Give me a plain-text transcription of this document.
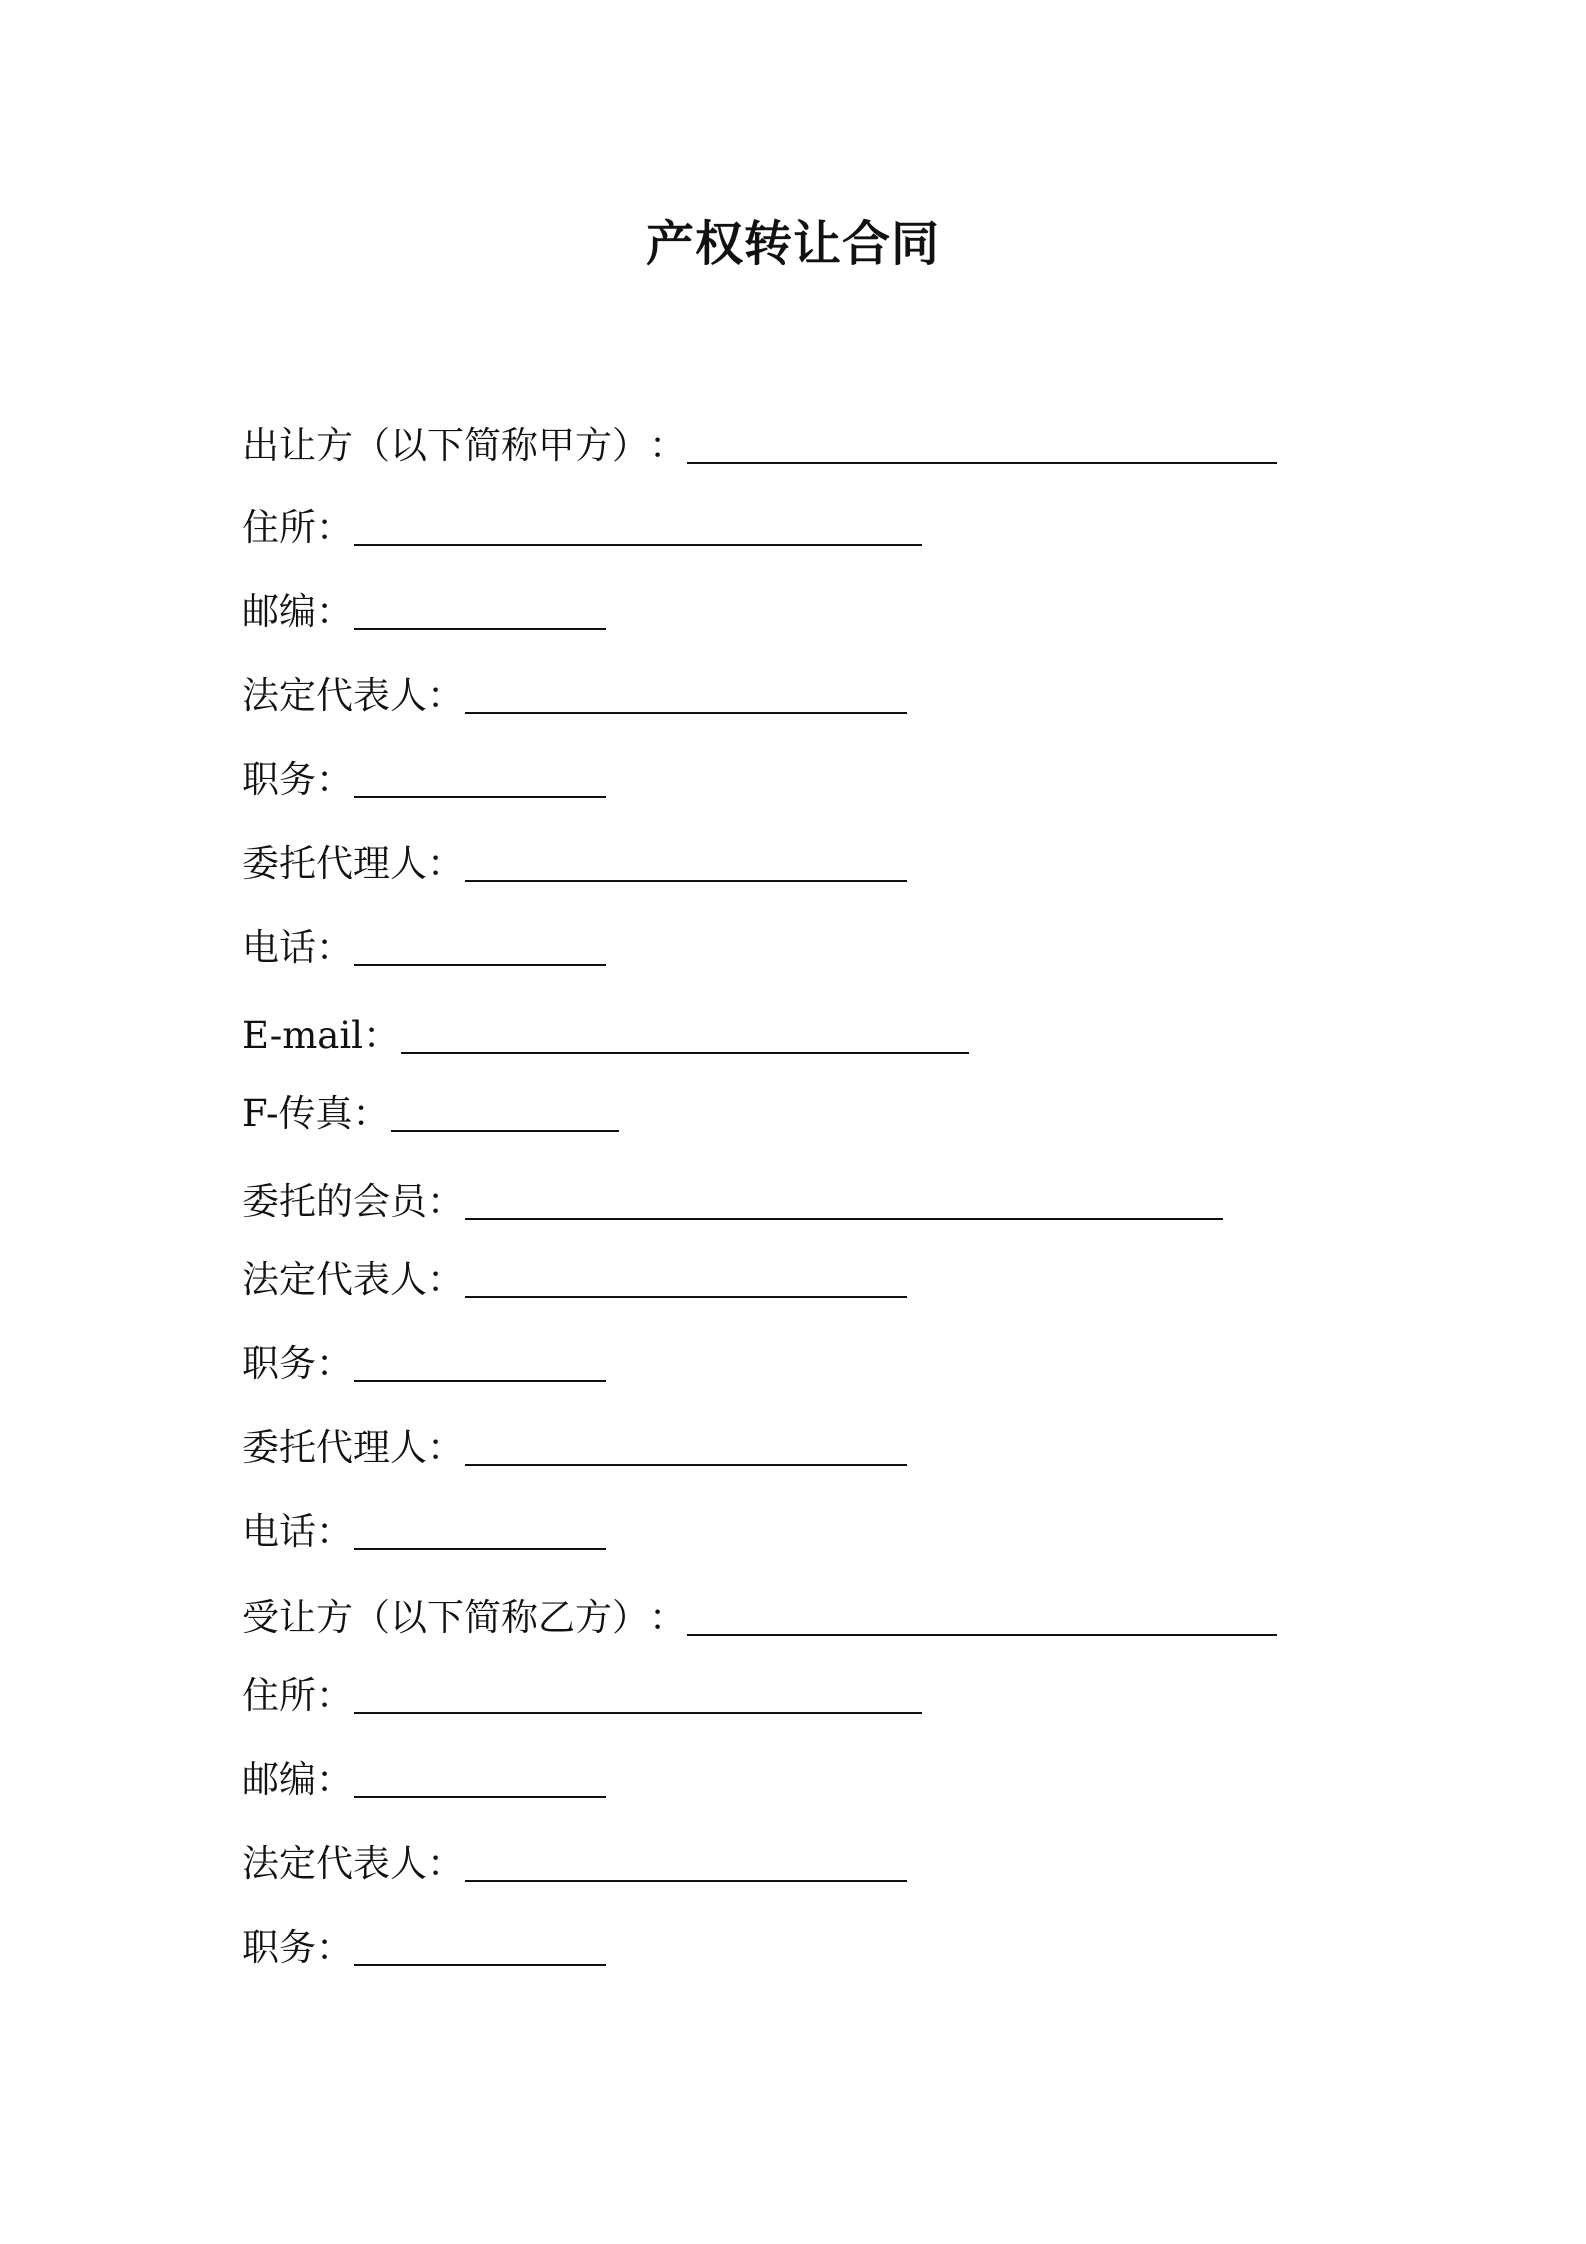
产权转让合同
出让方（以下简称甲方） ：
住所 ：
邮编 ：
法定代表人 ：
职务 ：
委托代理人 ：
电话 ：
E-mail ：
F-传真 ：
委托的会员 ：
法定代表人 ：
职务 ：
委托代理人 ：
电话 ：
受让方（以下简称乙方） ：
住所 ：
邮编 ：
法定代表人 ：
职务 ：
